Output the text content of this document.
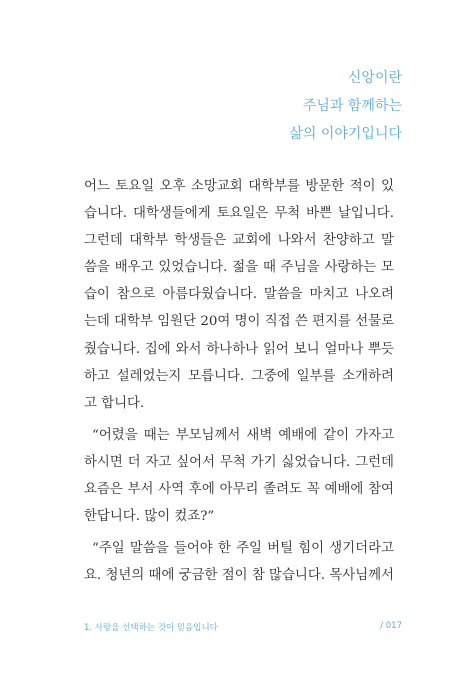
신앙이란
주님과 함께하는
삶의 이야기입니다
어느 토요일 오후 소망교회 대학부를 방문한 적이 있
습니다. 대학생들에게 토요일은 무척 바쁜 날입니다.
그런데 대학부 학생들은 교회에 나와서 찬양하고 말
씀을 배우고 있었습니다. 젊을 때 주님을 사랑하는 모
습이 참으로 아름다웠습니다. 말씀을 마치고 나오려
는데 대학부 임원단 20여 명이 직접 쓴 편지를 선물로
줬습니다. 집에 와서 하나하나 읽어 보니 얼마나 뿌듯
하고 설레었는지 모릅니다. 그중에 일부를 소개하려
고 합니다.
“어렸을 때는 부모님께서 새벽 예배에 같이 가자고
하시면 더 자고 싶어서 무척 가기 싫었습니다. 그런데
요즘은 부서 사역 후에 아무리 졸려도 꼭 예배에 참여
한답니다. 많이 컸죠?”
“주일 말씀을 들어야 한 주일 버틸 힘이 생기더라고
요. 청년의 때에 궁금한 점이 참 많습니다. 목사님께서
1. 사랑을 선택하는 것이 믿음입니다	/ 017
